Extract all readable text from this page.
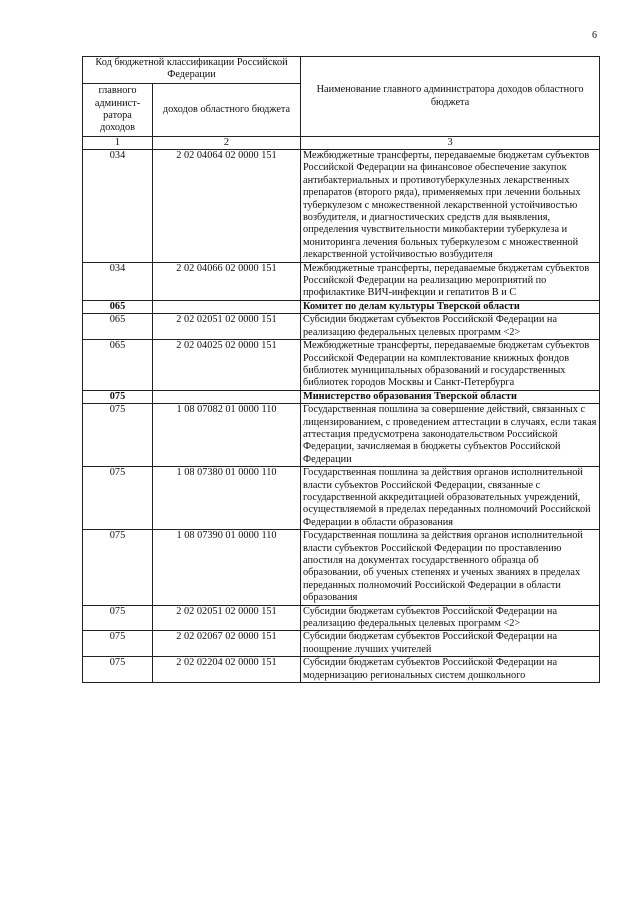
6
Код бюджетной классификации Российской Федерации		Наименование главного администратора доходов областного бюджета
главного админист-ратора доходов	доходов областного бюджета	
1	2	3
034	2 02 04064 02 0000 151	Межбюджетные трансферты, передаваемые бюджетам субъектов Российской Федерации на финансовое обеспечение закупок антибактериальных и противотуберкулезных лекарственных препаратов (второго ряда), применяемых при лечении больных туберкулезом с множественной лекарственной устойчивостью возбудителя, и диагностических средств для выявления, определения чувствительности микобактерии туберкулеза и мониторинга лечения больных туберкулезом с множественной лекарственной устойчивостью возбудителя
034	2 02 04066 02 0000 151	Межбюджетные трансферты, передаваемые бюджетам субъектов Российской Федерации на реализацию мероприятий по профилактике ВИЧ-инфекции и гепатитов В и С
065		Комитет по делам культуры Тверской области
065	2 02 02051 02 0000 151	Субсидии бюджетам субъектов Российской Федерации на реализацию федеральных целевых программ <2>
065	2 02 04025 02 0000 151	Межбюджетные трансферты, передаваемые бюджетам субъектов Российской Федерации на комплектование книжных фондов библиотек муниципальных образований и государственных библиотек городов Москвы и Санкт-Петербурга
075		Министерство образования Тверской области
075	1 08 07082 01 0000 110	Государственная пошлина за совершение действий, связанных с лицензированием, с проведением аттестации в случаях, если такая аттестация предусмотрена законодательством Российской Федерации, зачисляемая в бюджеты субъектов Российской Федерации
075	1 08 07380 01 0000 110	Государственная пошлина за действия органов исполнительной власти субъектов Российской Федерации, связанные с государственной аккредитацией образовательных учреждений, осуществляемой в пределах переданных полномочий Российской Федерации в области образования
075	1 08 07390 01 0000 110	Государственная пошлина за действия органов исполнительной власти субъектов Российской Федерации по проставлению апостиля на документах государственного образца об образовании, об ученых степенях и ученых званиях в пределах переданных полномочий Российской Федерации в области образования
075	2 02 02051 02 0000 151	Субсидии бюджетам субъектов Российской Федерации на реализацию федеральных целевых программ <2>
075	2 02 02067 02 0000 151	Субсидии бюджетам субъектов Российской Федерации на поощрение лучших учителей
075	2 02 02204 02 0000 151	Субсидии бюджетам субъектов Российской Федерации на модернизацию региональных систем дошкольного
